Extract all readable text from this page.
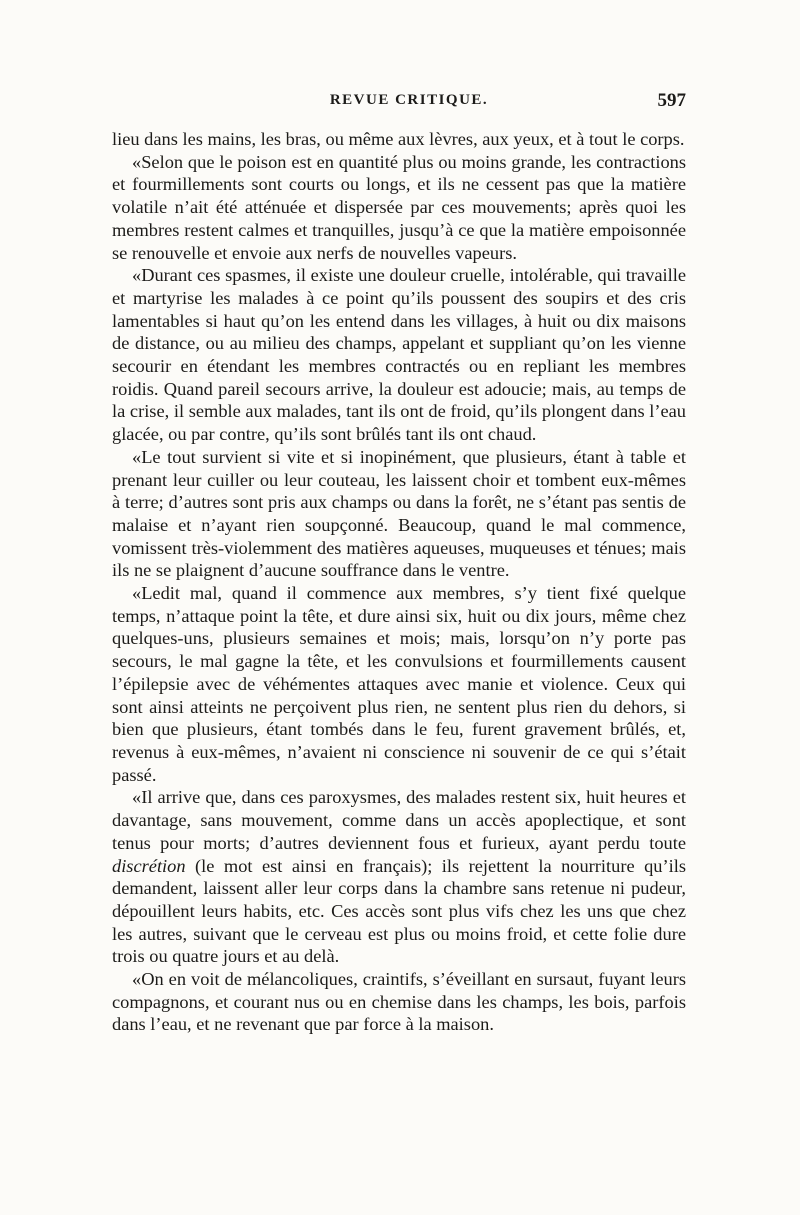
REVUE CRITIQUE.	597

lieu dans les mains, les bras, ou même aux lèvres, aux yeux, et à tout le corps.

«Selon que le poison est en quantité plus ou moins grande, les contractions et fourmillements sont courts ou longs, et ils ne cessent pas que la matière volatile n’ait été atténuée et dispersée par ces mouvements; après quoi les membres restent calmes et tranquilles, jusqu’à ce que la matière empoisonnée se renouvelle et envoie aux nerfs de nouvelles vapeurs.

«Durant ces spasmes, il existe une douleur cruelle, intolérable, qui travaille et martyrise les malades à ce point qu’ils poussent des soupirs et des cris lamentables si haut qu’on les entend dans les villages, à huit ou dix maisons de distance, ou au milieu des champs, appelant et suppliant qu’on les vienne secourir en étendant les membres contractés ou en repliant les membres roidis. Quand pareil secours arrive, la douleur est adoucie; mais, au temps de la crise, il semble aux malades, tant ils ont de froid, qu’ils plongent dans l’eau glacée, ou par contre, qu’ils sont brûlés tant ils ont chaud.

«Le tout survient si vite et si inopinément, que plusieurs, étant à table et prenant leur cuiller ou leur couteau, les laissent choir et tombent eux-mêmes à terre; d’autres sont pris aux champs ou dans la forêt, ne s’étant pas sentis de malaise et n’ayant rien soupçonné. Beaucoup, quand le mal commence, vomissent très-violemment des matières aqueuses, muqueuses et ténues; mais ils ne se plaignent d’aucune souffrance dans le ventre.

«Ledit mal, quand il commence aux membres, s’y tient fixé quelque temps, n’attaque point la tête, et dure ainsi six, huit ou dix jours, même chez quelques-uns, plusieurs semaines et mois; mais, lorsqu’on n’y porte pas secours, le mal gagne la tête, et les convulsions et fourmillements causent l’épilepsie avec de véhémentes attaques avec manie et violence. Ceux qui sont ainsi atteints ne perçoivent plus rien, ne sentent plus rien du dehors, si bien que plusieurs, étant tombés dans le feu, furent gravement brûlés, et, revenus à eux-mêmes, n’avaient ni conscience ni souvenir de ce qui s’était passé.

«Il arrive que, dans ces paroxysmes, des malades restent six, huit heures et davantage, sans mouvement, comme dans un accès apoplectique, et sont tenus pour morts; d’autres deviennent fous et furieux, ayant perdu toute discrétion (le mot est ainsi en français); ils rejettent la nourriture qu’ils demandent, laissent aller leur corps dans la chambre sans retenue ni pudeur, dépouillent leurs habits, etc. Ces accès sont plus vifs chez les uns que chez les autres, suivant que le cerveau est plus ou moins froid, et cette folie dure trois ou quatre jours et au delà.

«On en voit de mélancoliques, craintifs, s’éveillant en sursaut, fuyant leurs compagnons, et courant nus ou en chemise dans les champs, les bois, parfois dans l’eau, et ne revenant que par force à la maison.
